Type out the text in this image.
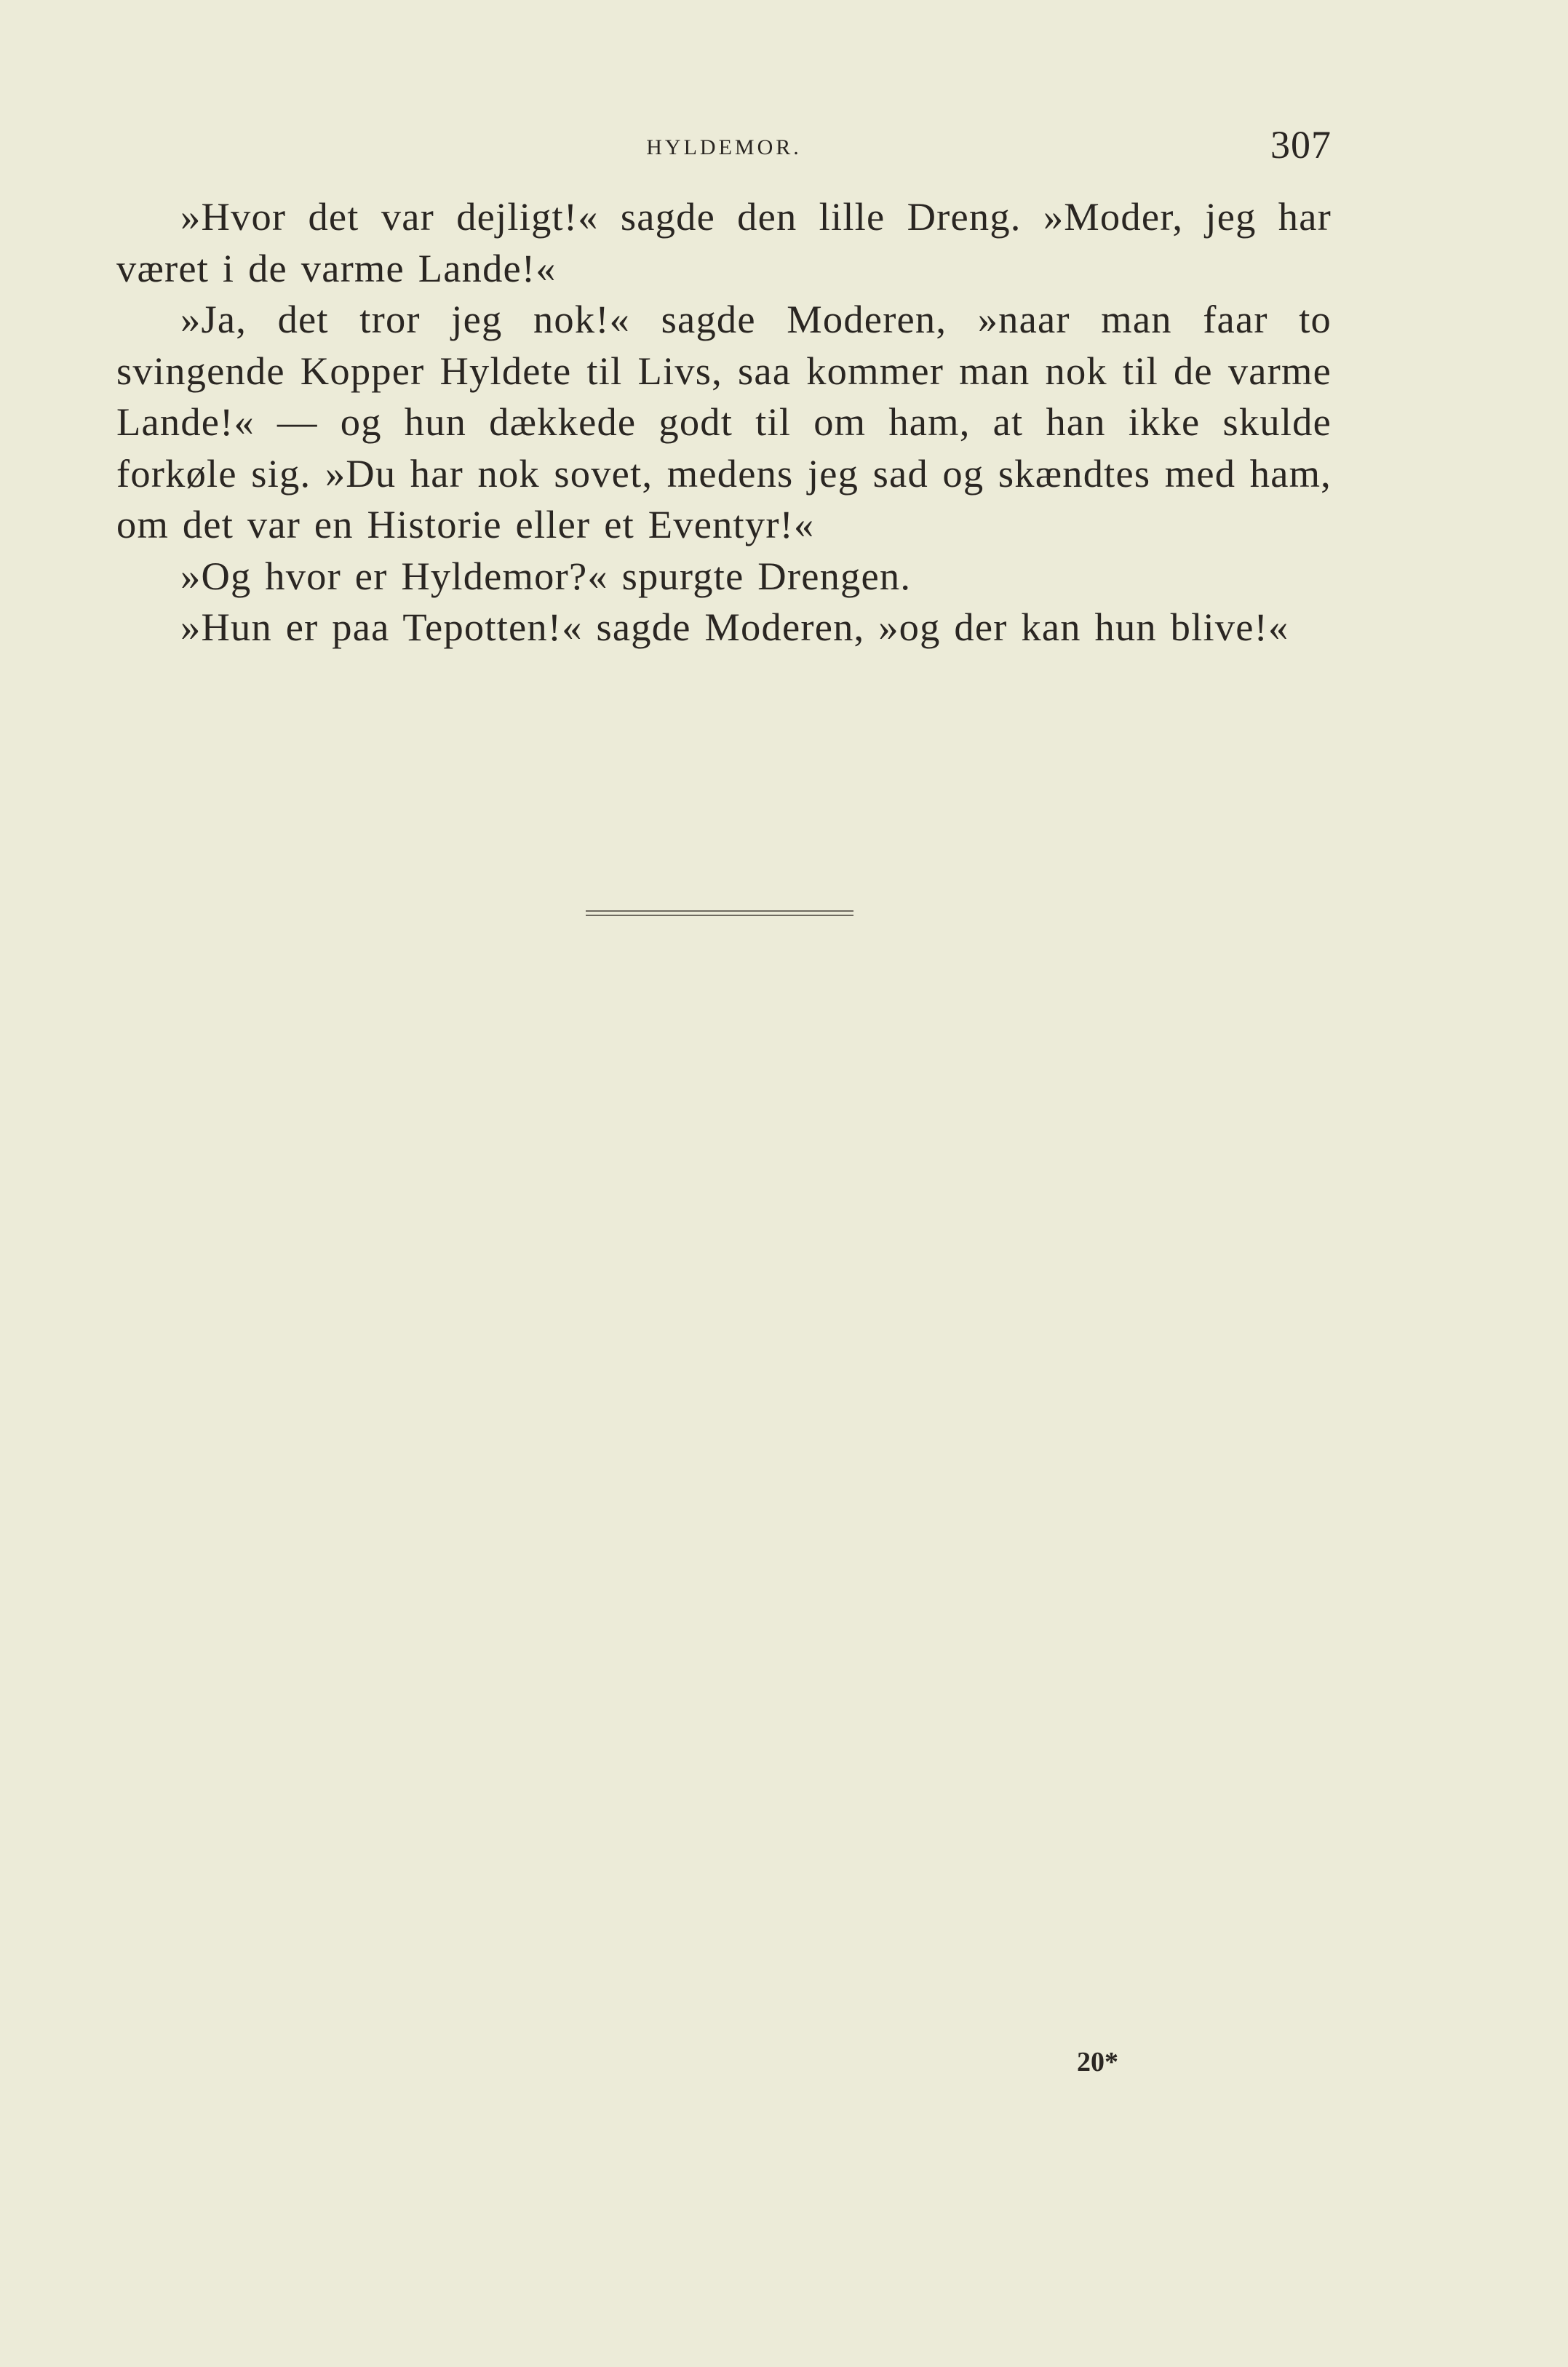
HYLDEMOR.	307

»Hvor det var dejligt!« sagde den lille Dreng. »Moder, jeg har været i de varme Lande!«

»Ja, det tror jeg nok!« sagde Moderen, »naar man faar to svingende Kopper Hyldete til Livs, saa kommer man nok til de varme Lande!« — og hun dækkede godt til om ham, at han ikke skulde forkøle sig. »Du har nok sovet, medens jeg sad og skændtes med ham, om det var en Historie eller et Eventyr!«

»Og hvor er Hyldemor?« spurgte Drengen.

»Hun er paa Tepotten!« sagde Moderen, »og der kan hun blive!«

20*
